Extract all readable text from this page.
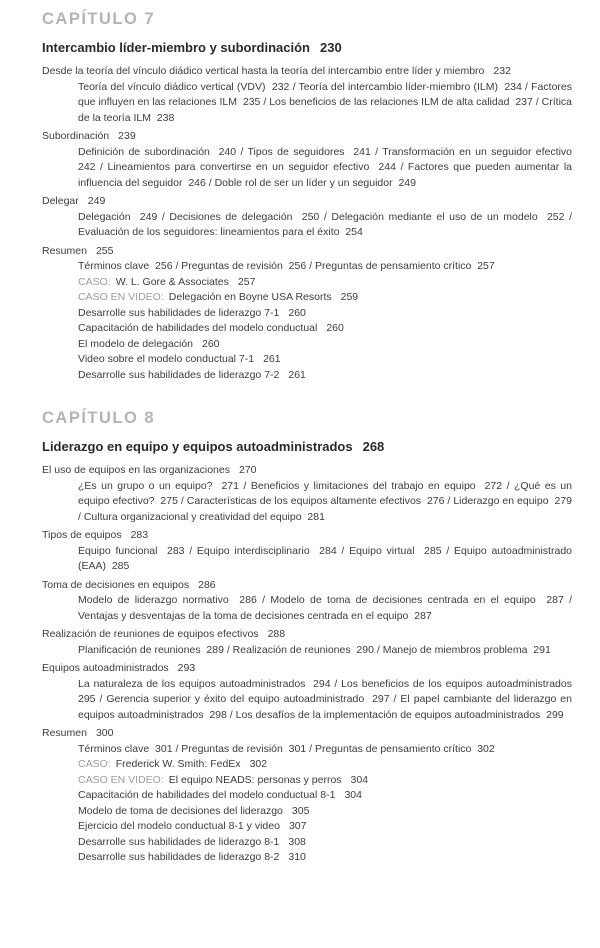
CAPÍTULO 7
Intercambio líder-miembro y subordinación 230
Desde la teoría del vínculo diádico vertical hasta la teoría del intercambio entre líder y miembro 232
Teoría del vínculo diádico vertical (VDV)  232 / Teoría del intercambio líder-miembro (ILM)  234 / Factores que influyen en las relaciones ILM  235 / Los beneficios de las relaciones ILM de alta calidad  237 / Crítica de la teoría ILM  238
Subordinación 239
Definición de subordinación  240 / Tipos de seguidores  241 / Transformación en un seguidor efectivo  242 / Lineamientos para convertirse en un seguidor efectivo  244 / Factores que pueden aumentar la influencia del seguidor  246 / Doble rol de ser un líder y un seguidor  249
Delegar 249
Delegación  249 / Decisiones de delegación  250 / Delegación mediante el uso de un modelo  252 / Evaluación de los seguidores: lineamientos para el éxito  254
Resumen 255
Términos clave  256 / Preguntas de revisión  256 / Preguntas de pensamiento crítico  257
CASO: W. L. Gore & Associates 257
CASO EN VIDEO: Delegación en Boyne USA Resorts 259
Desarrolle sus habilidades de liderazgo 7-1 260
Capacitación de habilidades del modelo conductual 260
El modelo de delegación 260
Video sobre el modelo conductual 7-1 261
Desarrolle sus habilidades de liderazgo 7-2 261
CAPÍTULO 8
Liderazgo en equipo y equipos autoadministrados 268
El uso de equipos en las organizaciones 270
¿Es un grupo o un equipo?  271 / Beneficios y limitaciones del trabajo en equipo  272 / ¿Qué es un equipo efectivo?  275 / Características de los equipos altamente efectivos  276 / Liderazgo en equipo  279 / Cultura organizacional y creatividad del equipo  281
Tipos de equipos 283
Equipo funcional  283 / Equipo interdisciplinario  284 / Equipo virtual  285 / Equipo autoadministrado (EAA)  285
Toma de decisiones en equipos 286
Modelo de liderazgo normativo  286 / Modelo de toma de decisiones centrada en el equipo  287 / Ventajas y desventajas de la toma de decisiones centrada en el equipo  287
Realización de reuniones de equipos efectivos 288
Planificación de reuniones  289 / Realización de reuniones  290 / Manejo de miembros problema  291
Equipos autoadministrados 293
La naturaleza de los equipos autoadministrados  294 / Los beneficios de los equipos autoadministrados  295 / Gerencia superior y éxito del equipo autoadministrado  297 / El papel cambiante del liderazgo en equipos autoadministrados  298 / Los desafíos de la implementación de equipos autoadministrados  299
Resumen 300
Términos clave  301 / Preguntas de revisión  301 / Preguntas de pensamiento crítico  302
CASO: Frederick W. Smith: FedEx 302
CASO EN VIDEO: El equipo NEADS: personas y perros 304
Capacitación de habilidades del modelo conductual 8-1 304
Modelo de toma de decisiones del liderazgo 305
Ejercicio del modelo conductual 8-1 y video 307
Desarrolle sus habilidades de liderazgo 8-1 308
Desarrolle sus habilidades de liderazgo 8-2 310
